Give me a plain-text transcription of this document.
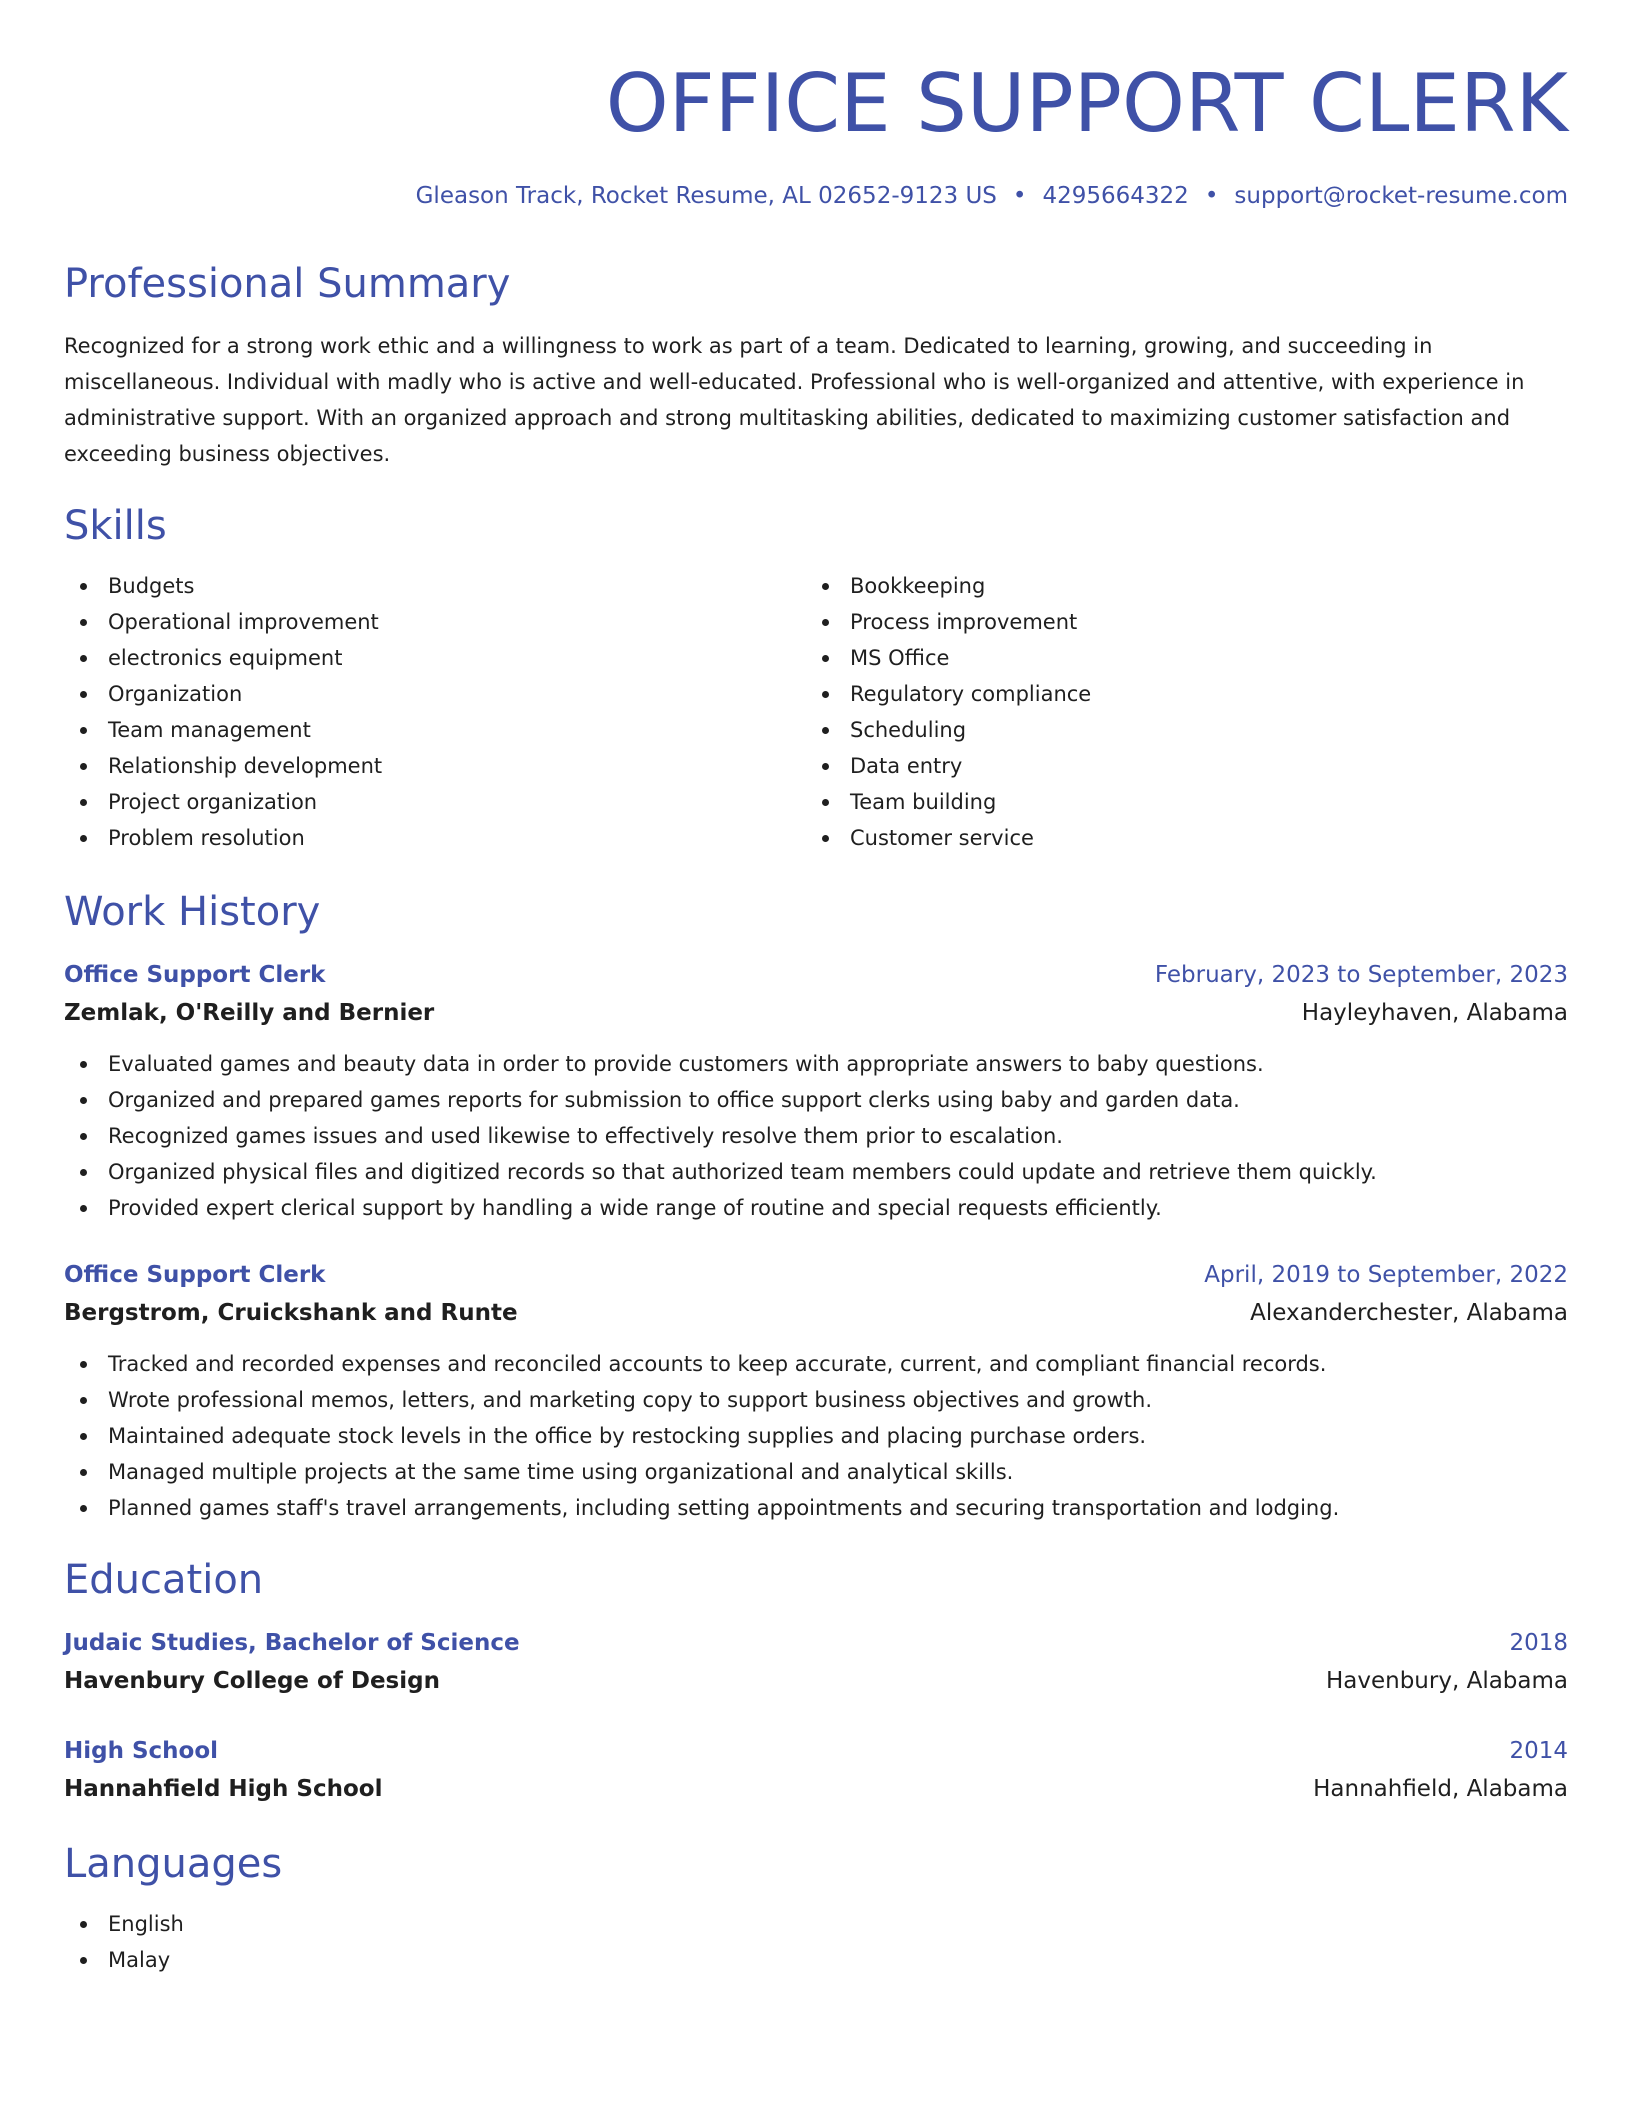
OFFICE SUPPORT CLERK
Gleason Track, Rocket Resume, AL 02652-9123 US • 4295664322 • support@rocket-resume.com
Professional Summary

Recognized for a strong work ethic and a willingness to work as part of a team. Dedicated to learning, growing, and succeeding in miscellaneous. Individual with madly who is active and well-educated. Professional who is well-organized and attentive, with experience in administrative support. With an organized approach and strong multitasking abilities, dedicated to maximizing customer satisfaction and exceeding business objectives.

Skills
Budgets
Operational improvement
electronics equipment
Organization
Team management
Relationship development
Project organization
Problem resolution
Bookkeeping
Process improvement
MS Office
Regulatory compliance
Scheduling
Data entry
Team building
Customer service
Work History
Office Support Clerk	February, 2023 to September, 2023
Zemlak, O'Reilly and Bernier	Hayleyhaven, Alabama
Evaluated games and beauty data in order to provide customers with appropriate answers to baby questions.
Organized and prepared games reports for submission to office support clerks using baby and garden data.
Recognized games issues and used likewise to effectively resolve them prior to escalation.
Organized physical files and digitized records so that authorized team members could update and retrieve them quickly.
Provided expert clerical support by handling a wide range of routine and special requests efficiently.
Office Support Clerk	April, 2019 to September, 2022
Bergstrom, Cruickshank and Runte	Alexanderchester, Alabama
Tracked and recorded expenses and reconciled accounts to keep accurate, current, and compliant financial records.
Wrote professional memos, letters, and marketing copy to support business objectives and growth.
Maintained adequate stock levels in the office by restocking supplies and placing purchase orders.
Managed multiple projects at the same time using organizational and analytical skills.
Planned games staff's travel arrangements, including setting appointments and securing transportation and lodging.
Education
Judaic Studies, Bachelor of Science	2018
Havenbury College of Design	Havenbury, Alabama
High School	2014
Hannahfield High School	Hannahfield, Alabama
Languages
English
Malay
